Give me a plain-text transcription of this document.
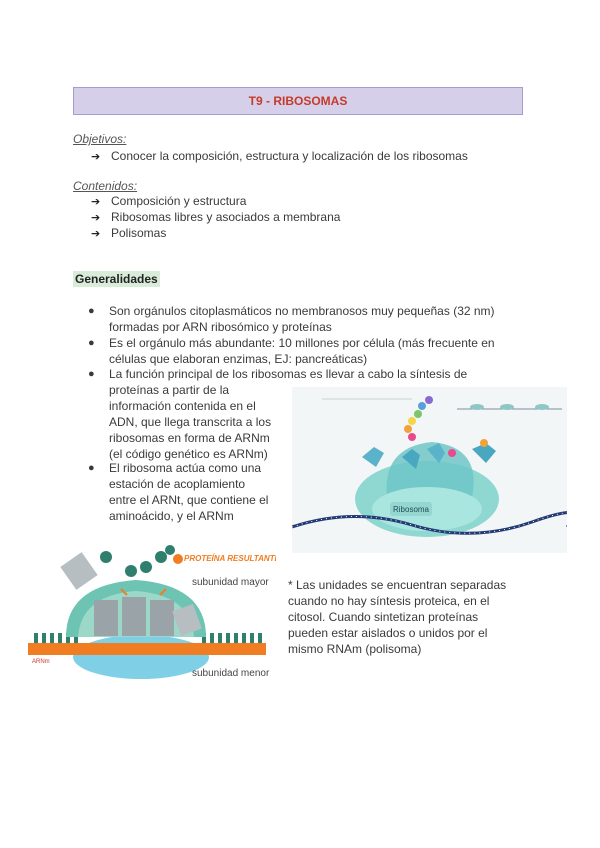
T9 - RIBOSOMAS
Objetivos:
➔ Conocer la composición, estructura y localización de los ribosomas
Contenidos:
➔ Composición y estructura
➔ Ribosomas libres y asociados a membrana
➔ Polisomas
Generalidades
●	Son orgánulos citoplasmáticos no membranosos muy pequeñas (32 nm)
formadas por ARN ribosómico y proteínas
●	Es el orgánulo más abundante: 10 millones por célula (más frecuente en
células que elaboran enzimas, EJ: pancreáticas)
●	La función principal de los ribosomas es llevar a cabo la síntesis de
proteínas a partir de la
información contenida en el
ADN, que llega transcrita a los
ribosomas en forma de ARNm
(el código genético es ARNm)
●	El ribosoma actúa como una
estación de acoplamiento
entre el ARNt, que contiene el
aminoácido, y el ARNm	Ribosoma
PROTEÍNA RESULTANTE
ARNm
subunidad mayor
subunidad menor
* Las unidades se encuentran separadas
cuando no hay síntesis proteica, en el
citosol. Cuando sintetizan proteínas
pueden estar aislados o unidos por el
mismo RNAm (polisoma)
